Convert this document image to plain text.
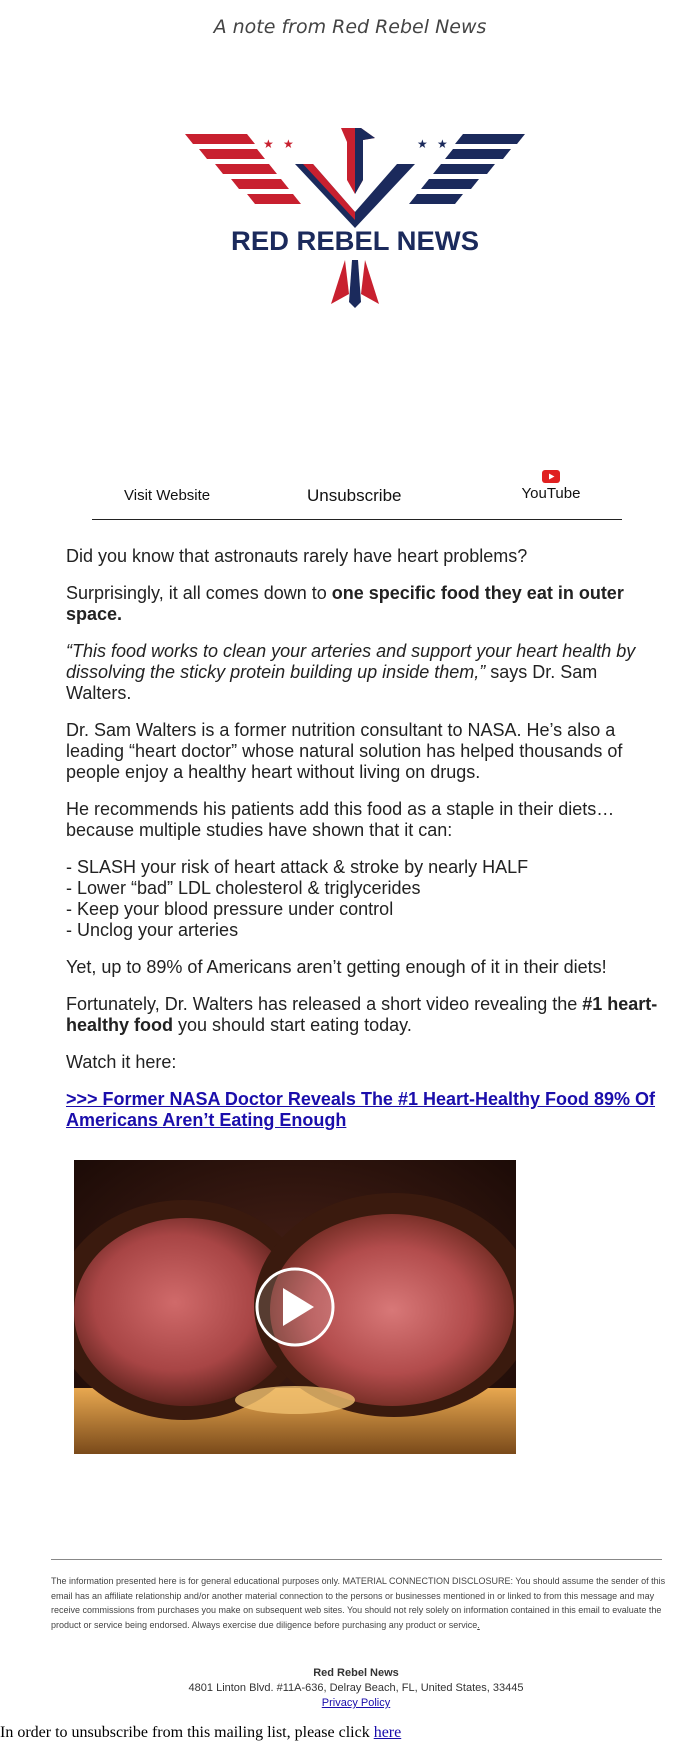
A note from Red Rebel News
★ ★	★ ★
RED REBEL NEWS
Visit Website	Unsubscribe	YouTube

Did you know that astronauts rarely have heart problems?

Surprisingly, it all comes down to one specific food they eat in outer space.

“This food works to clean your arteries and support your heart health by dissolving the sticky protein building up inside them,” says Dr. Sam Walters.

Dr. Sam Walters is a former nutrition consultant to NASA. He’s also a leading “heart doctor” whose natural solution has helped thousands of people enjoy a healthy heart without living on drugs.

He recommends his patients add this food as a staple in their diets… because multiple studies have shown that it can:

- SLASH your risk of heart attack & stroke by nearly HALF
- Lower “bad” LDL cholesterol & triglycerides
- Keep your blood pressure under control
- Unclog your arteries

Yet, up to 89% of Americans aren’t getting enough of it in their diets!

Fortunately, Dr. Walters has released a short video revealing the #1 heart-healthy food you should start eating today.

Watch it here:

>>> Former NASA Doctor Reveals The #1 Heart-Healthy Food 89% Of Americans Aren’t Eating Enough
The information presented here is for general educational purposes only. MATERIAL CONNECTION DISCLOSURE: You should assume the sender of this email has an affiliate relationship and/or another material connection to the persons or businesses mentioned in or linked to from this message and may receive commissions from purchases you make on subsequent web sites. You should not rely solely on information contained in this email to evaluate the product or service being endorsed. Always exercise due diligence before purchasing any product or service.
Red Rebel News
4801 Linton Blvd. #11A-636, Delray Beach, FL, United States, 33445
Privacy Policy
In order to unsubscribe from this mailing list, please click here
